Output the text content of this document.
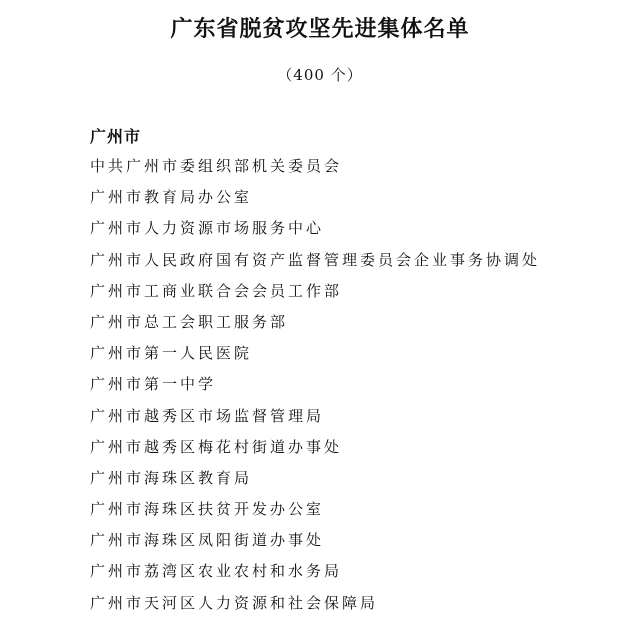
广东省脱贫攻坚先进集体名单
（400 个）
广州市
中共广州市委组织部机关委员会
广州市教育局办公室
广州市人力资源市场服务中心
广州市人民政府国有资产监督管理委员会企业事务协调处
广州市工商业联合会会员工作部
广州市总工会职工服务部
广州市第一人民医院
广州市第一中学
广州市越秀区市场监督管理局
广州市越秀区梅花村街道办事处
广州市海珠区教育局
广州市海珠区扶贫开发办公室
广州市海珠区凤阳街道办事处
广州市荔湾区农业农村和水务局
广州市天河区人力资源和社会保障局
